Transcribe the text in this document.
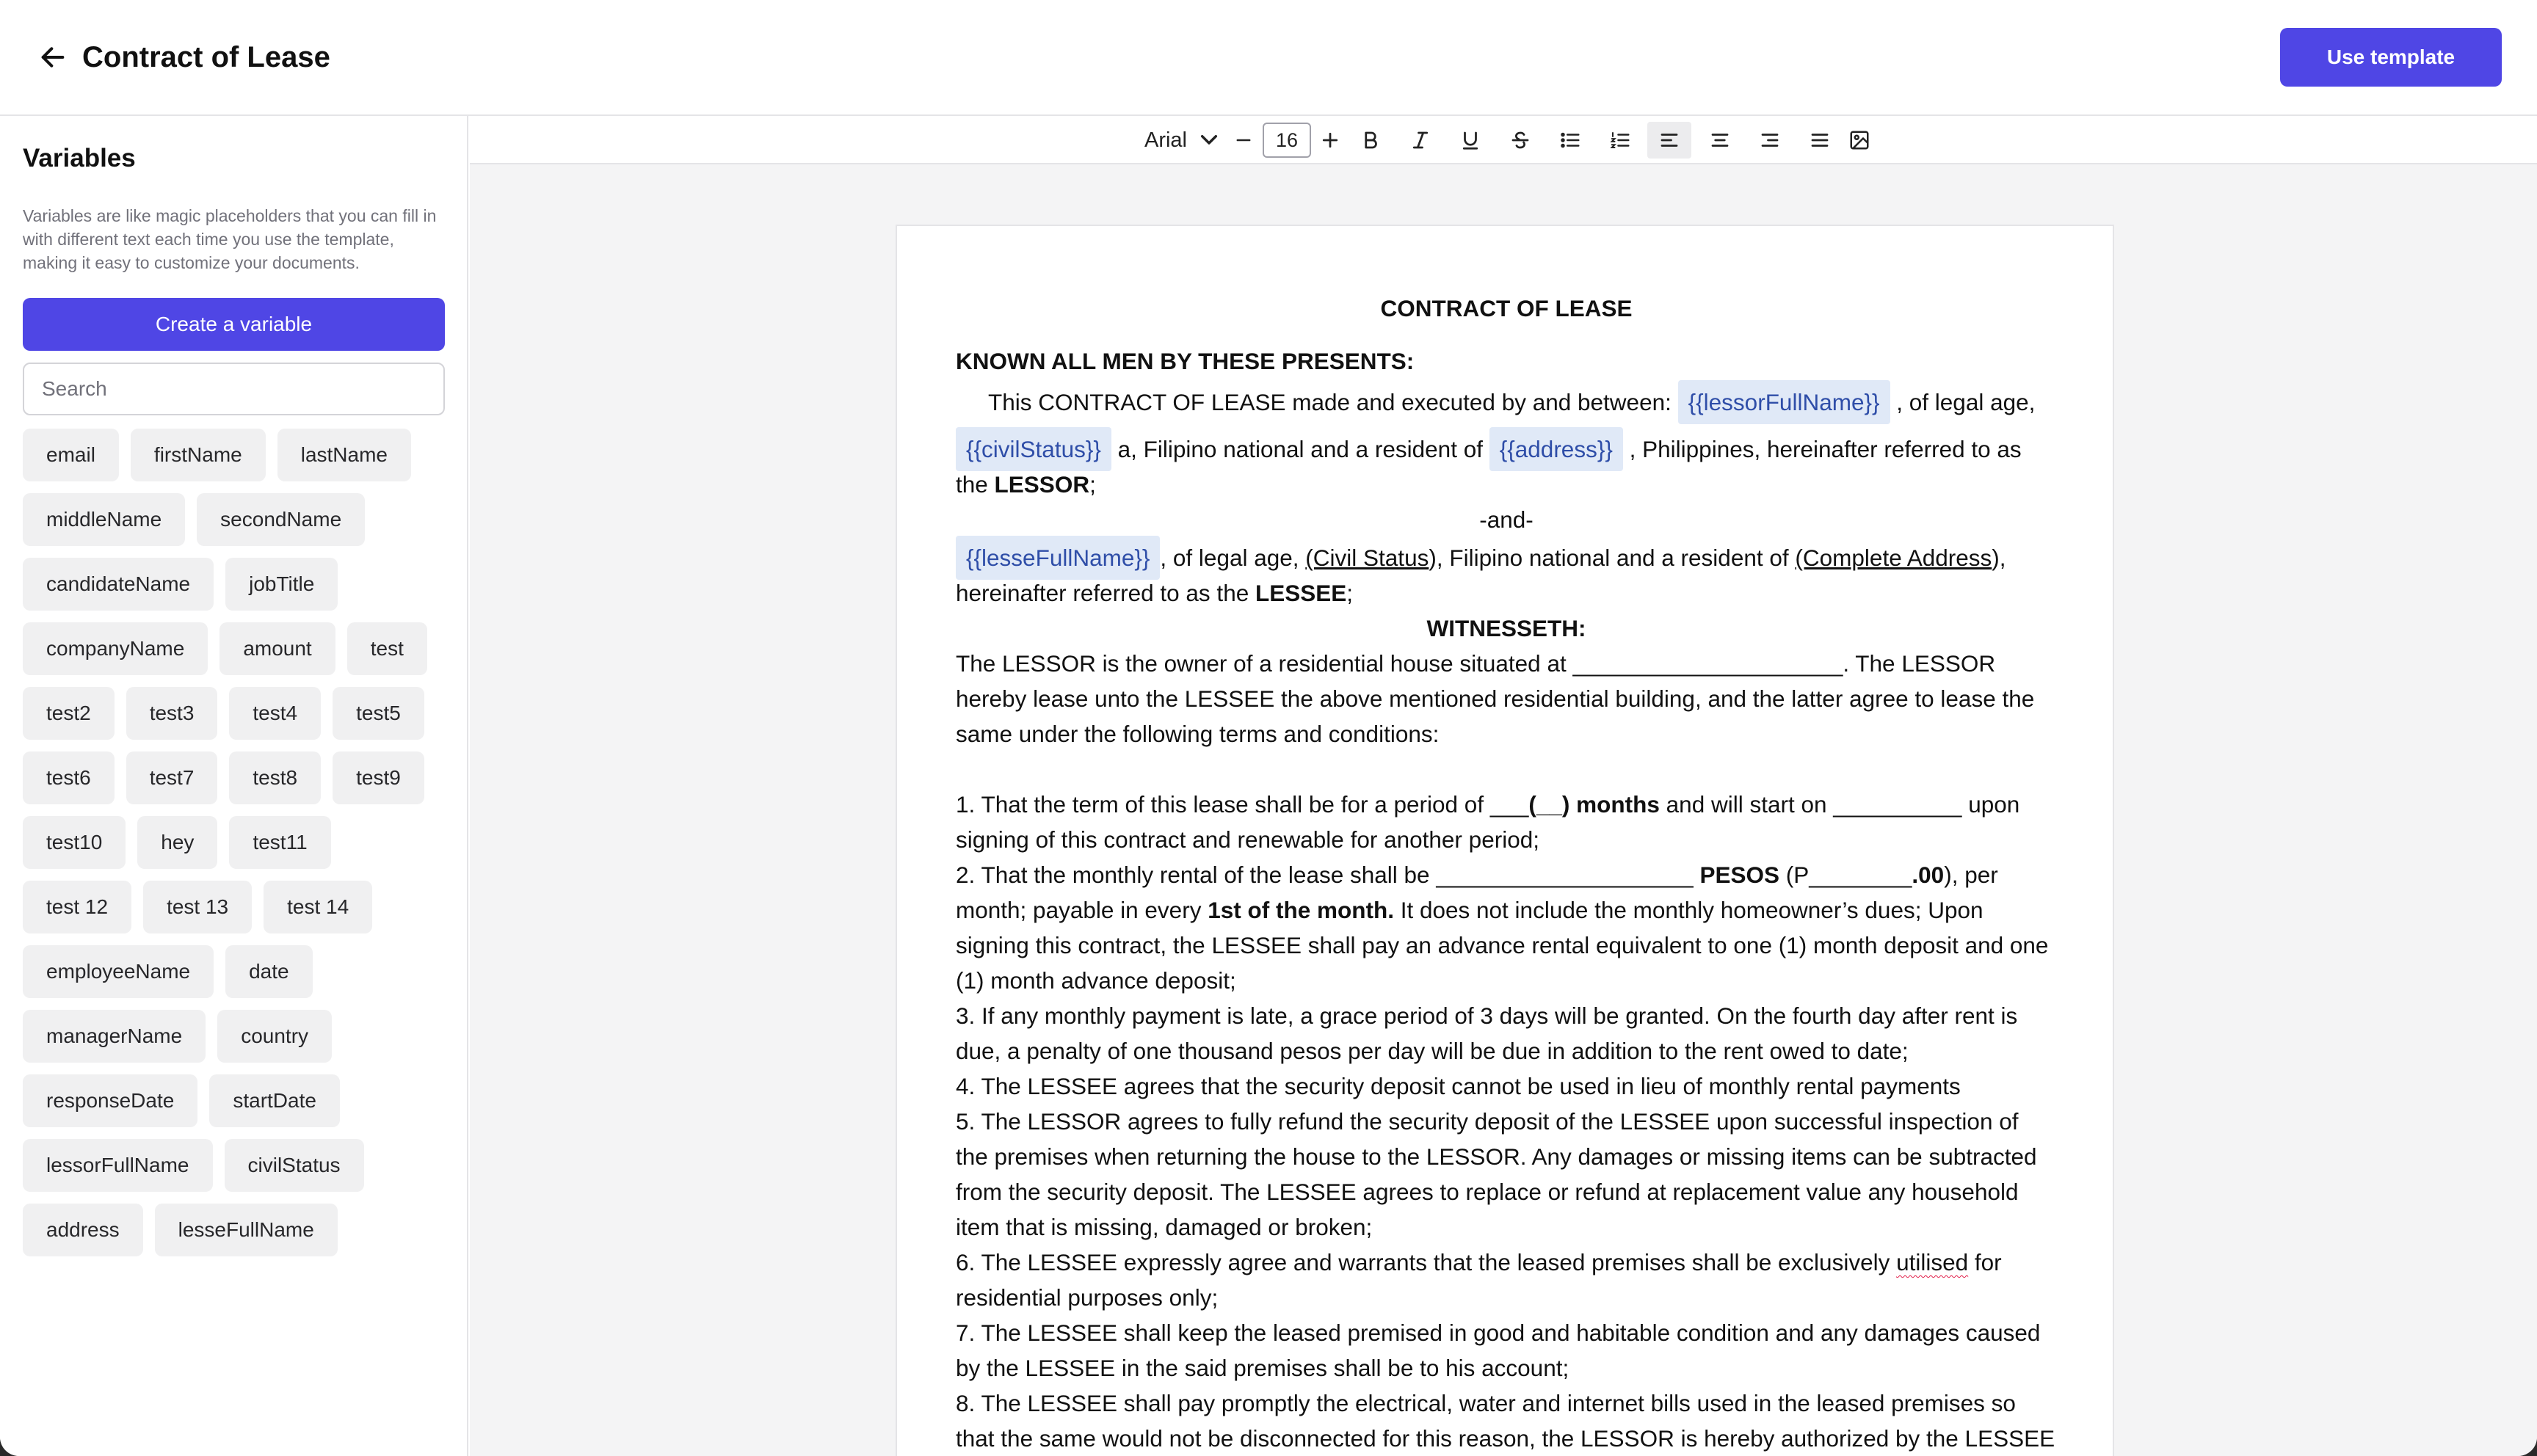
Contract of Lease	Use template
Variables
Variables are like magic placeholders that you can fill in with different text each time you use the template, making it easy to customize your documents.
Create a variable
Search
email	firstName	lastName
middleName	secondName
candidateName	jobTitle
companyName	amount	test
test2	test3	test4	test5
test6	test7	test8	test9
test10	hey	test11
test 12	test 13	test 14
employeeName	date
managerName	country
responseDate	startDate
lessorFullName	civilStatus
address	lesseFullName
Arial	16

CONTRACT OF LEASE

KNOWN ALL MEN BY THESE PRESENTS:

This CONTRACT OF LEASE made and executed by and between: {{lessorFullName}} , of legal age,
{{civilStatus}} a, Filipino national and a resident of {{address}} , Philippines, hereinafter referred to as

the LESSOR;

-and-

{{lesseFullName}} , of legal age, (Civil Status), Filipino national and a resident of (Complete Address),

hereinafter referred to as the LESSEE;

WITNESSETH:

The LESSOR is the owner of a residential house situated at _____________________. The LESSOR hereby lease unto the LESSEE the above mentioned residential building, and the latter agree to lease the same under the following terms and conditions:

1. That the term of this lease shall be for a period of ___(__) months and will start on __________ upon signing of this contract and renewable for another period;

2. That the monthly rental of the lease shall be ____________________ PESOS (P________.00), per month; payable in every 1st of the month. It does not include the monthly homeowner’s dues; Upon signing this contract, the LESSEE shall pay an advance rental equivalent to one (1) month deposit and one (1) month advance deposit;

3. If any monthly payment is late, a grace period of 3 days will be granted. On the fourth day after rent is due, a penalty of one thousand pesos per day will be due in addition to the rent owed to date;

4. The LESSEE agrees that the security deposit cannot be used in lieu of monthly rental payments

5. The LESSOR agrees to fully refund the security deposit of the LESSEE upon successful inspection of the premises when returning the house to the LESSOR. Any damages or missing items can be subtracted from the security deposit. The LESSEE agrees to replace or refund at replacement value any household item that is missing, damaged or broken;

6. The LESSEE expressly agree and warrants that the leased premises shall be exclusively utilised for residential purposes only;

7. The LESSEE shall keep the leased premised in good and habitable condition and any damages caused by the LESSEE in the said premises shall be to his account;

8. The LESSEE shall pay promptly the electrical, water and internet bills used in the leased premises so that the same would not be disconnected for this reason, the LESSOR is hereby authorized by the LESSEE
